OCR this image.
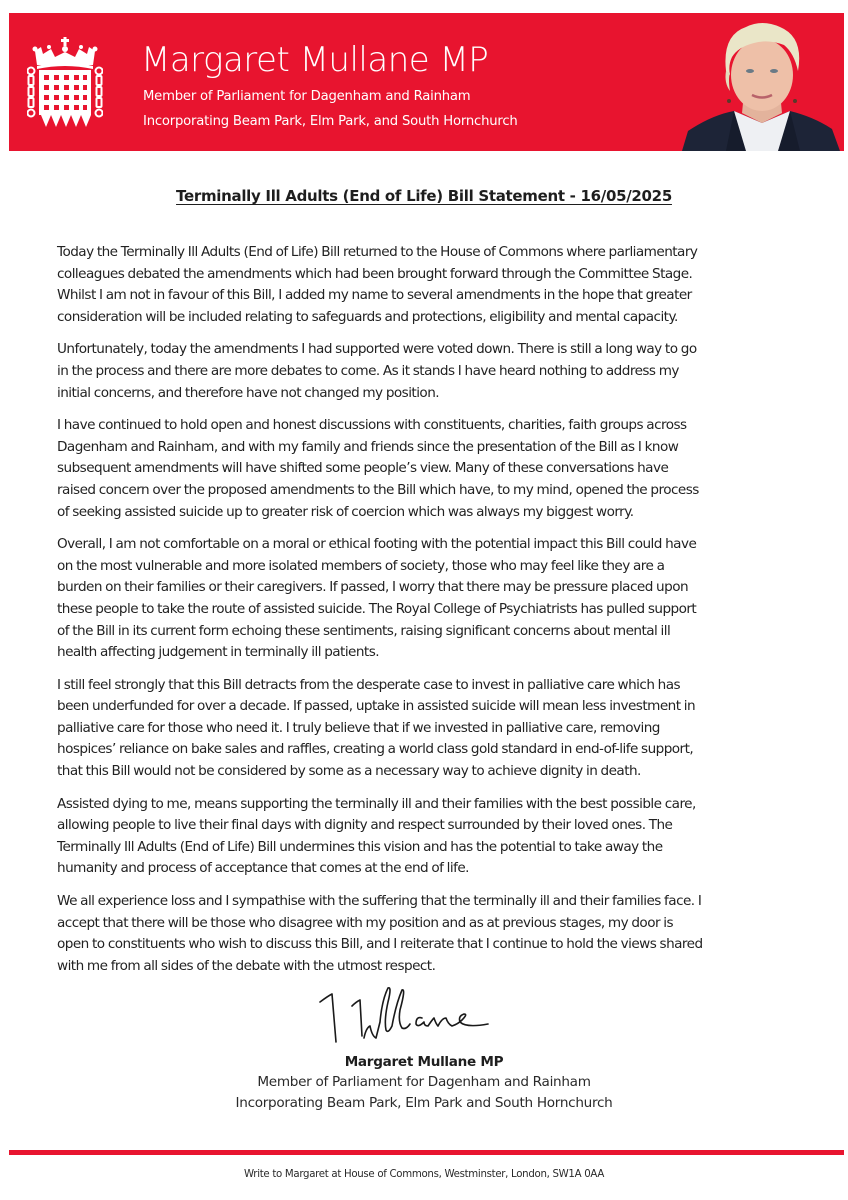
Margaret Mullane MP
Member of Parliament for Dagenham and Rainham
Incorporating Beam Park, Elm Park, and South Hornchurch
Terminally Ill Adults (End of Life) Bill Statement - 16/05/2025

Today the Terminally Ill Adults (End of Life) Bill returned to the House of Commons where parliamentary
colleagues debated the amendments which had been brought forward through the Committee Stage.
Whilst I am not in favour of this Bill, I added my name to several amendments in the hope that greater
consideration will be included relating to safeguards and protections, eligibility and mental capacity.

Unfortunately, today the amendments I had supported were voted down. There is still a long way to go
in the process and there are more debates to come. As it stands I have heard nothing to address my
initial concerns, and therefore have not changed my position.

I have continued to hold open and honest discussions with constituents, charities, faith groups across
Dagenham and Rainham, and with my family and friends since the presentation of the Bill as I know
subsequent amendments will have shifted some people’s view. Many of these conversations have
raised concern over the proposed amendments to the Bill which have, to my mind, opened the process
of seeking assisted suicide up to greater risk of coercion which was always my biggest worry.

Overall, I am not comfortable on a moral or ethical footing with the potential impact this Bill could have
on the most vulnerable and more isolated members of society, those who may feel like they are a
burden on their families or their caregivers. If passed, I worry that there may be pressure placed upon
these people to take the route of assisted suicide. The Royal College of Psychiatrists has pulled support
of the Bill in its current form echoing these sentiments, raising significant concerns about mental ill
health affecting judgement in terminally ill patients.

I still feel strongly that this Bill detracts from the desperate case to invest in palliative care which has
been underfunded for over a decade. If passed, uptake in assisted suicide will mean less investment in
palliative care for those who need it. I truly believe that if we invested in palliative care, removing
hospices’ reliance on bake sales and raffles, creating a world class gold standard in end-of-life support,
that this Bill would not be considered by some as a necessary way to achieve dignity in death.

Assisted dying to me, means supporting the terminally ill and their families with the best possible care,
allowing people to live their final days with dignity and respect surrounded by their loved ones. The
Terminally Ill Adults (End of Life) Bill undermines this vision and has the potential to take away the
humanity and process of acceptance that comes at the end of life.

We all experience loss and I sympathise with the suffering that the terminally ill and their families face. I
accept that there will be those who disagree with my position and as at previous stages, my door is
open to constituents who wish to discuss this Bill, and I reiterate that I continue to hold the views shared
with me from all sides of the debate with the utmost respect.

Margaret Mullane MP
Member of Parliament for Dagenham and Rainham
Incorporating Beam Park, Elm Park and South Hornchurch
Write to Margaret at House of Commons, Westminster, London, SW1A 0AA
